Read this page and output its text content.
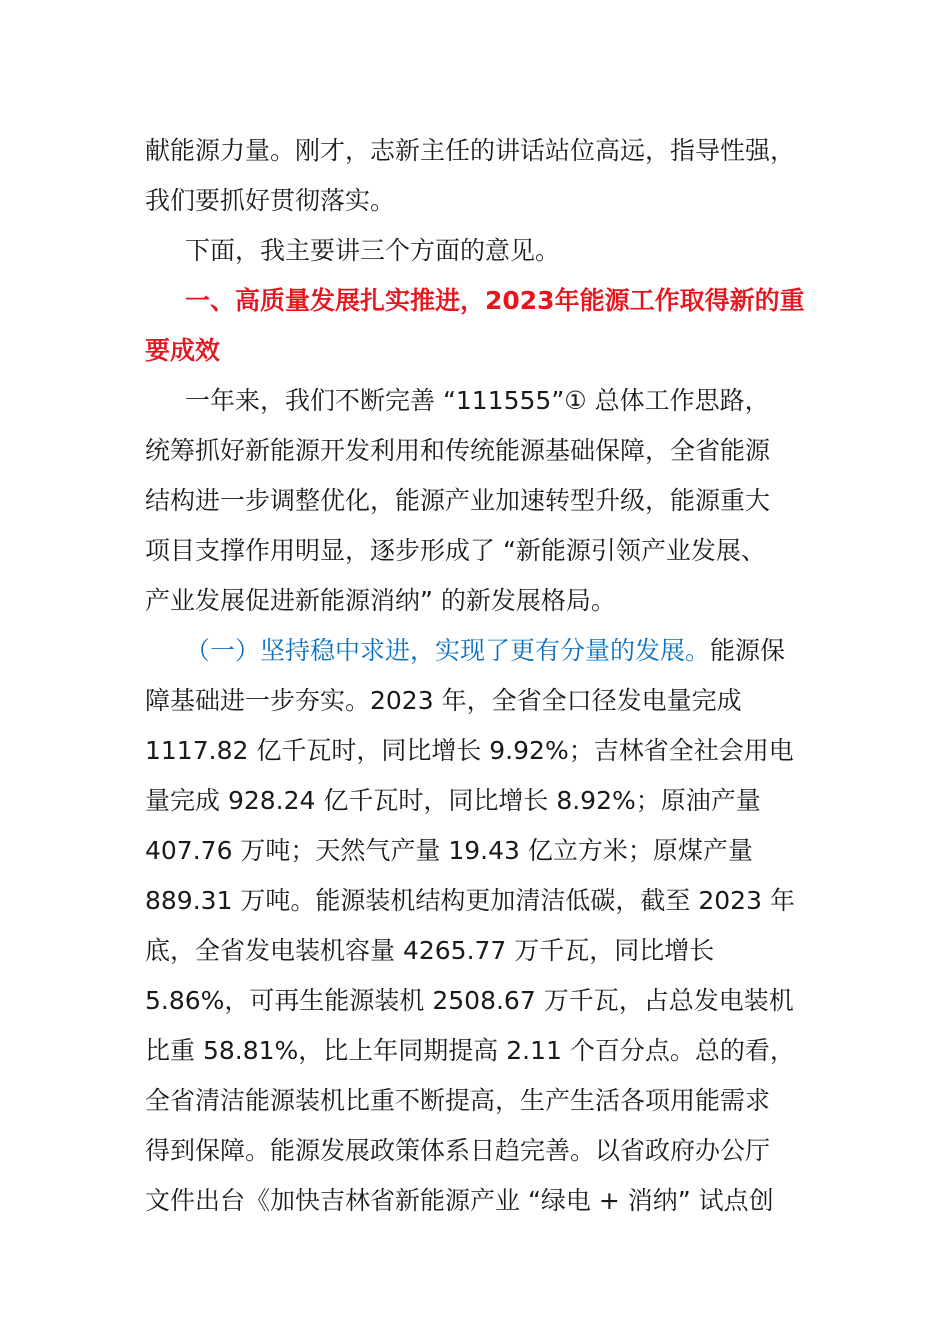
献能源力量。刚才，志新主任的讲话站位高远，指导性强，
我们要抓好贯彻落实。
下面，我主要讲三个方面的意见。
一、高质量发展扎实推进，2023年能源工作取得新的重
要成效
一年来，我们不断完善 “111555”① 总体工作思路，
统筹抓好新能源开发利用和传统能源基础保障，全省能源
结构进一步调整优化，能源产业加速转型升级，能源重大
项目支撑作用明显，逐步形成了 “新能源引领产业发展、
产业发展促进新能源消纳” 的新发展格局。
（一）坚持稳中求进，实现了更有分量的发展。能源保
障基础进一步夯实。2023 年，全省全口径发电量完成
1117.82 亿千瓦时，同比增长 9.92%；吉林省全社会用电
量完成 928.24 亿千瓦时，同比增长 8.92%；原油产量
407.76 万吨；天然气产量 19.43 亿立方米；原煤产量
889.31 万吨。能源装机结构更加清洁低碳，截至 2023 年
底，全省发电装机容量 4265.77 万千瓦，同比增长
5.86%，可再生能源装机 2508.67 万千瓦，占总发电装机
比重 58.81%，比上年同期提高 2.11 个百分点。总的看，
全省清洁能源装机比重不断提高，生产生活各项用能需求
得到保障。能源发展政策体系日趋完善。以省政府办公厅
文件出台《加快吉林省新能源产业 “绿电 + 消纳” 试点创
